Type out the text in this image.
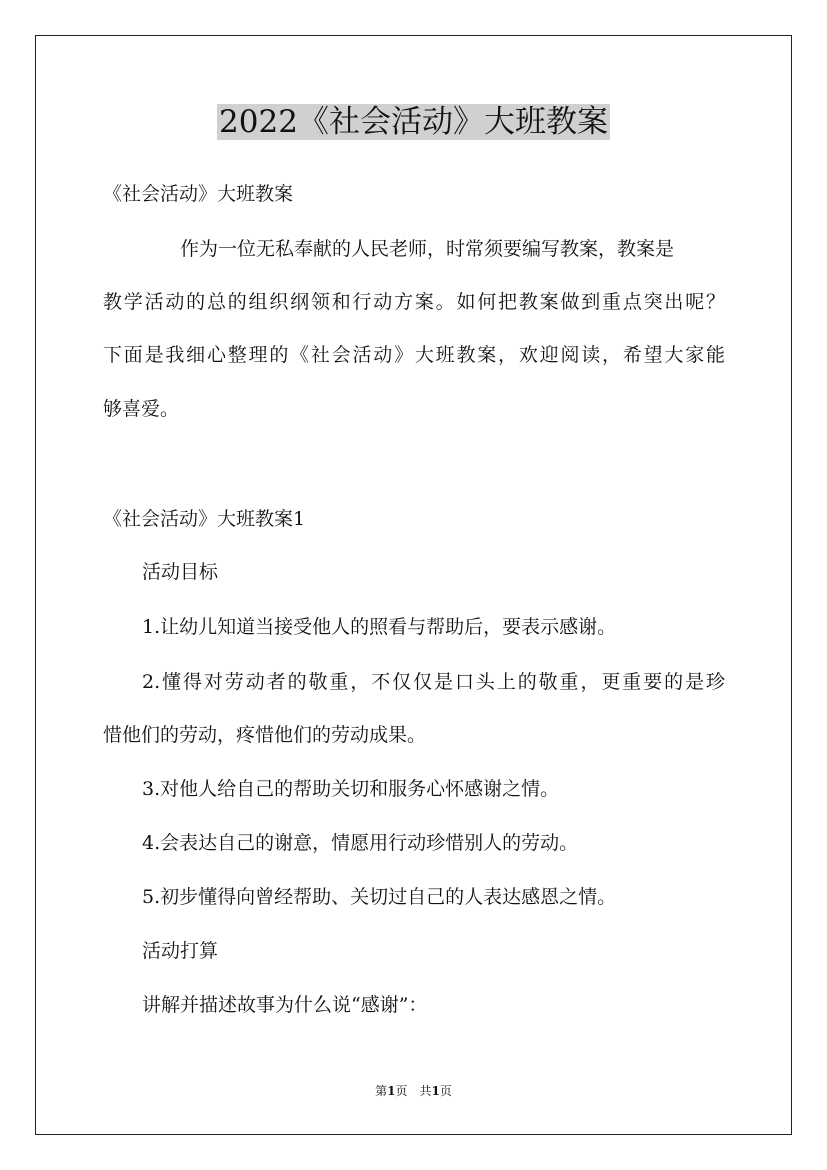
2022《社会活动》大班教案

《社会活动》大班教案

作为一位无私奉献的人民老师，时常须要编写教案，教案是

教学活动的总的组织纲领和行动方案。如何把教案做到重点突出呢？

下面是我细心整理的《社会活动》大班教案，欢迎阅读，希望大家能

够喜爱。

《社会活动》大班教案1

活动目标

1.让幼儿知道当接受他人的照看与帮助后，要表示感谢。

2.懂得对劳动者的敬重，不仅仅是口头上的敬重，更重要的是珍

惜他们的劳动，疼惜他们的劳动成果。

3.对他人给自己的帮助关切和服务心怀感谢之情。

4.会表达自己的谢意，情愿用行动珍惜别人的劳动。

5.初步懂得向曾经帮助、关切过自己的人表达感恩之情。

活动打算

讲解并描述故事为什么说“感谢”：

第1页　共1页
